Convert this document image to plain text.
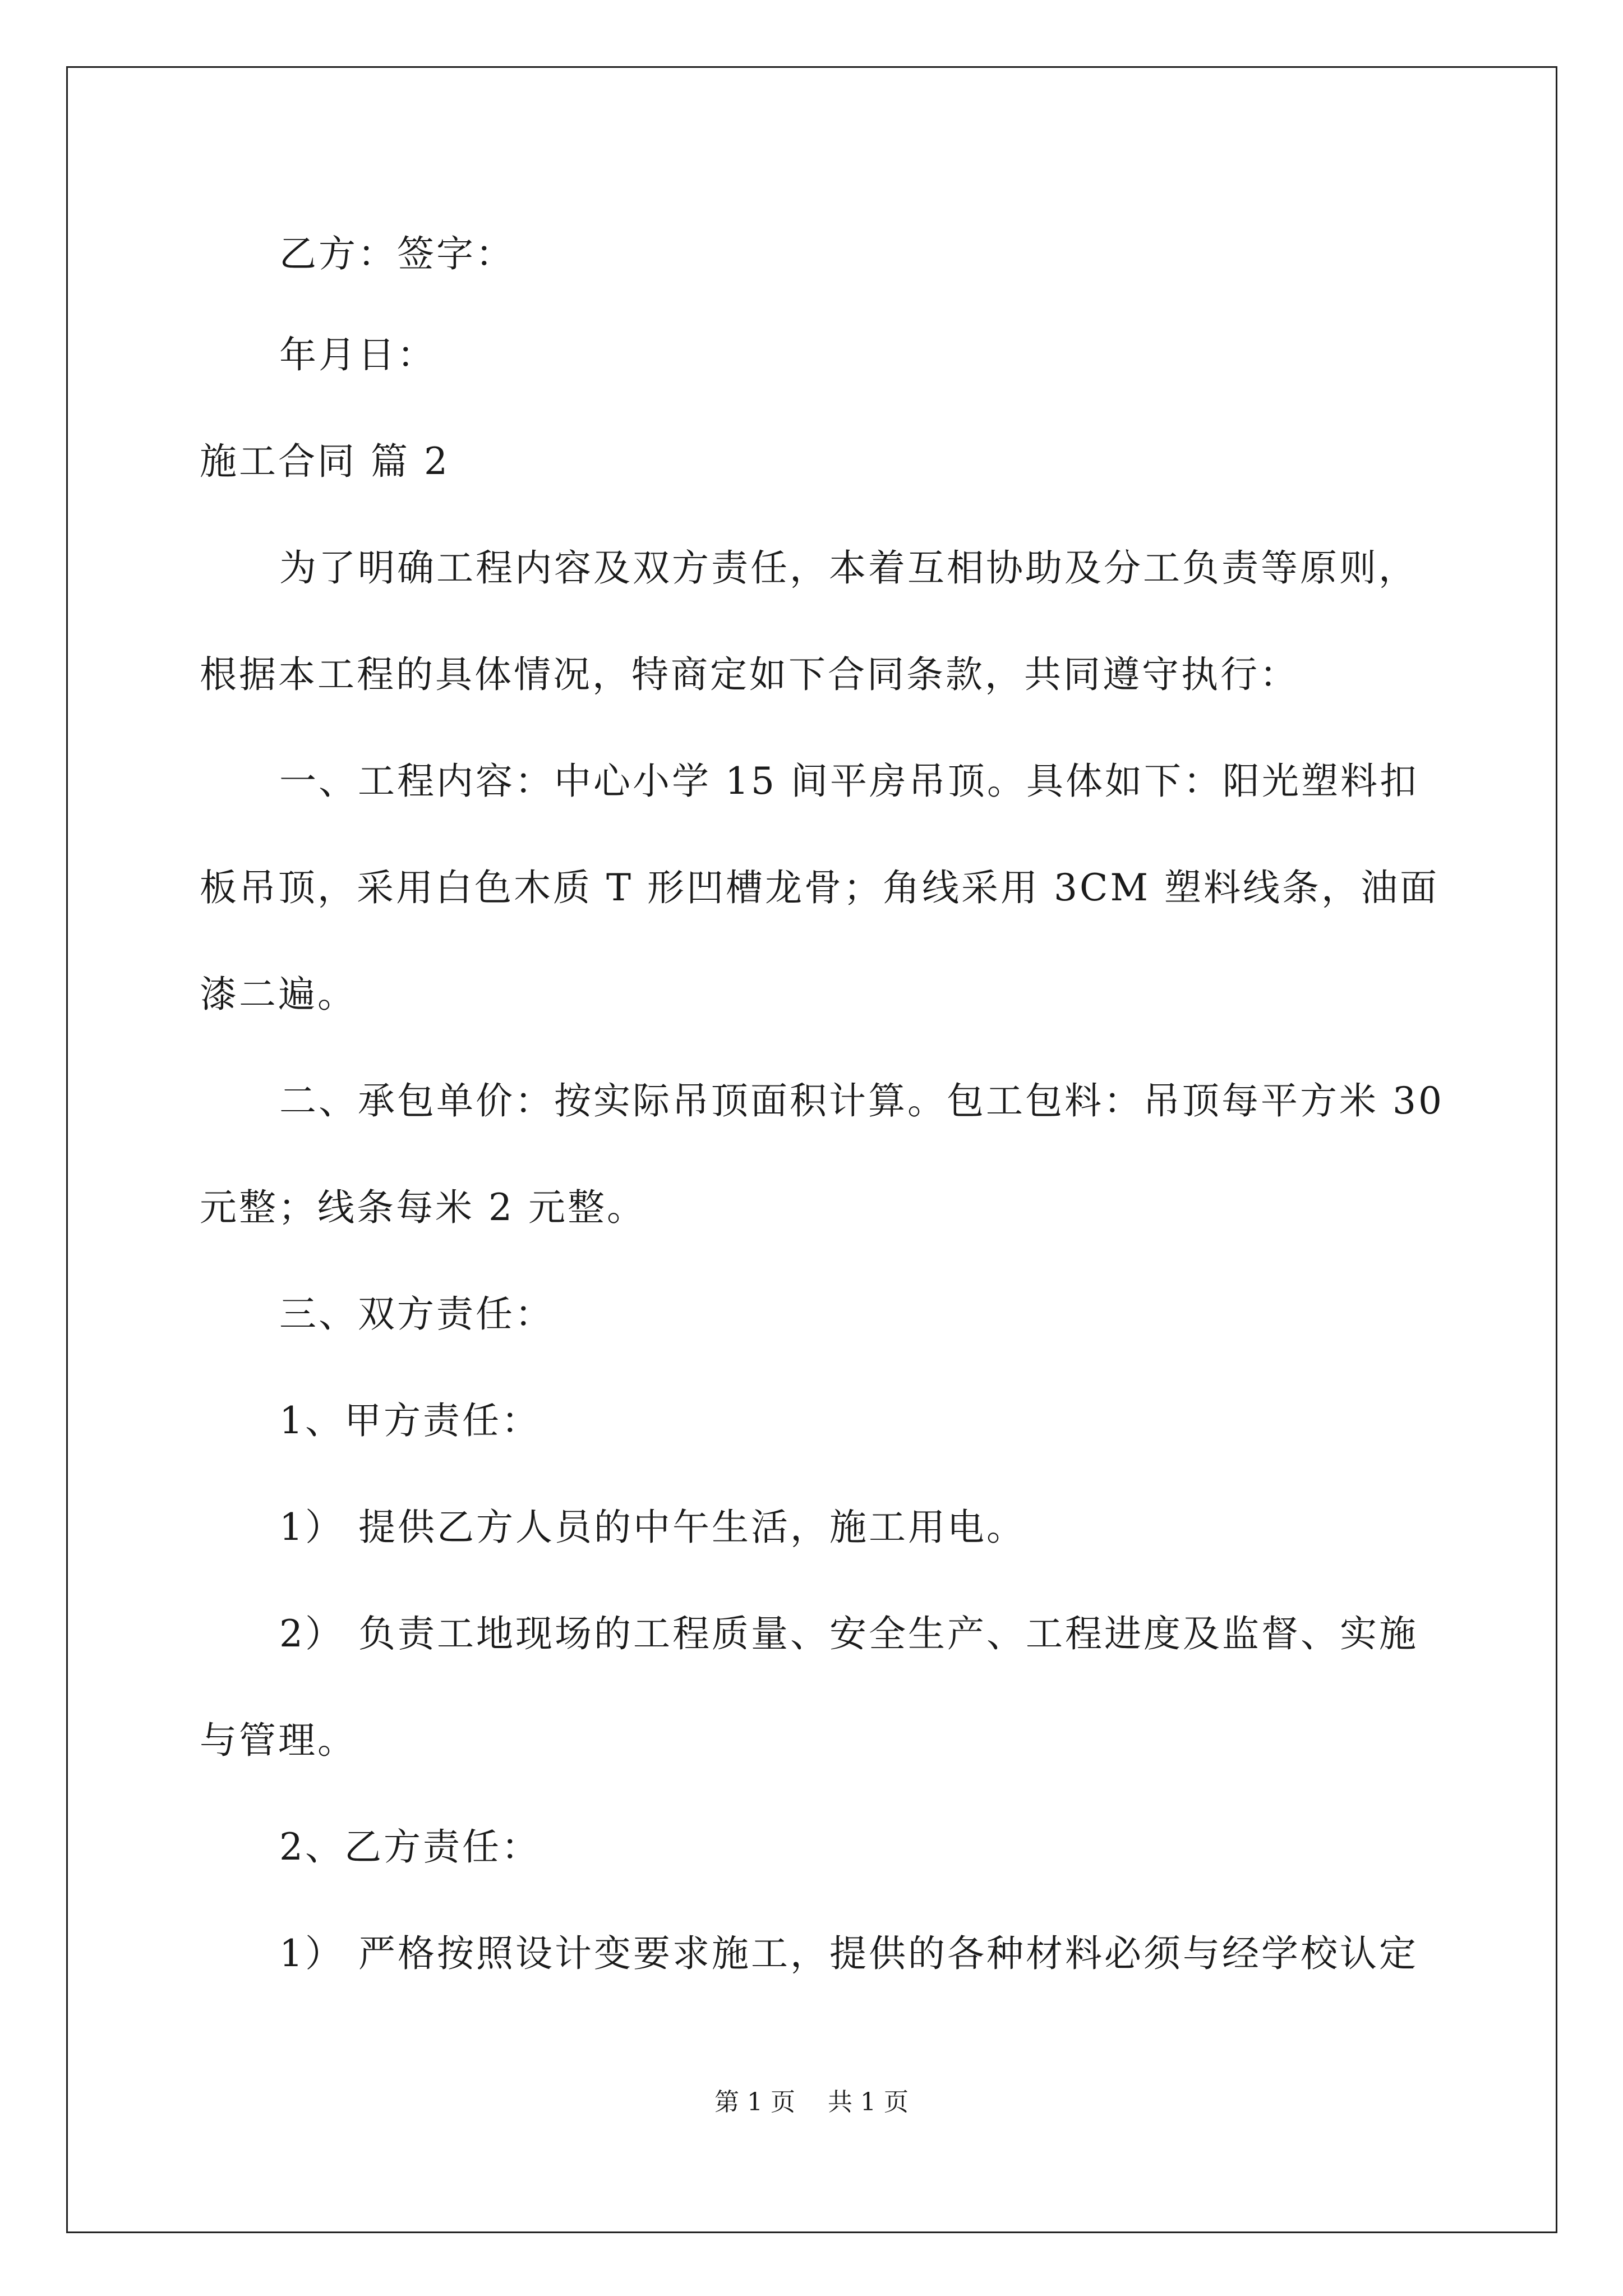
乙方：签字：
年月日：
施工合同 篇 2
为了明确工程内容及双方责任，本着互相协助及分工负责等原则，
根据本工程的具体情况，特商定如下合同条款，共同遵守执行：
一、工程内容：中心小学 15 间平房吊顶。具体如下：阳光塑料扣
板吊顶，采用白色木质 T 形凹槽龙骨；角线采用 3CM 塑料线条，油面
漆二遍。
二、承包单价：按实际吊顶面积计算。包工包料：吊顶每平方米 30
元整；线条每米 2 元整。
三、双方责任：
1、甲方责任：
1） 提供乙方人员的中午生活，施工用电。
2） 负责工地现场的工程质量、安全生产、工程进度及监督、实施
与管理。
2、乙方责任：
1） 严格按照设计变要求施工，提供的各种材料必须与经学校认定
第 1 页　 共 1 页
